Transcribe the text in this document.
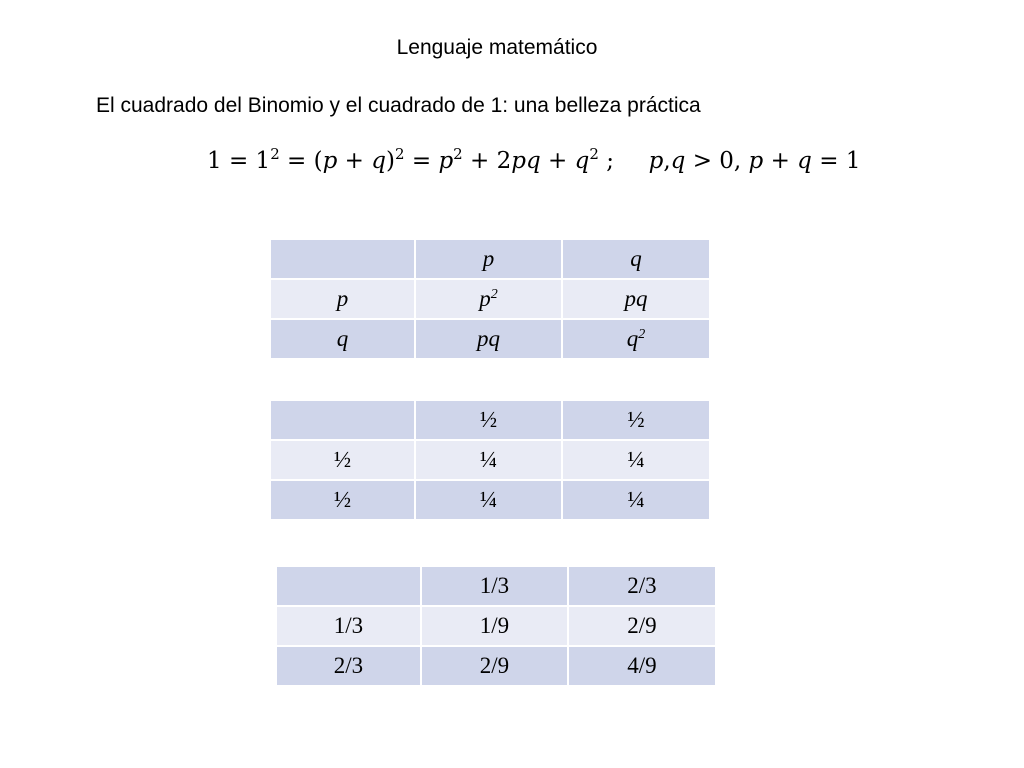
Lenguaje matemático
El cuadrado del Binomio y el cuadrado de 1: una belleza práctica
$1 = 1^2 = (p + q)^2 = p^2 + 2pq + q^2$ ; p,q > 0, p + q = 1
	p	q
p	$p^2$	pq
q	pq	$q^2$
	½	½
½	¼	¼
½	¼	¼
	1/3	2/3
1/3	1/9	2/9
2/3	2/9	4/9
